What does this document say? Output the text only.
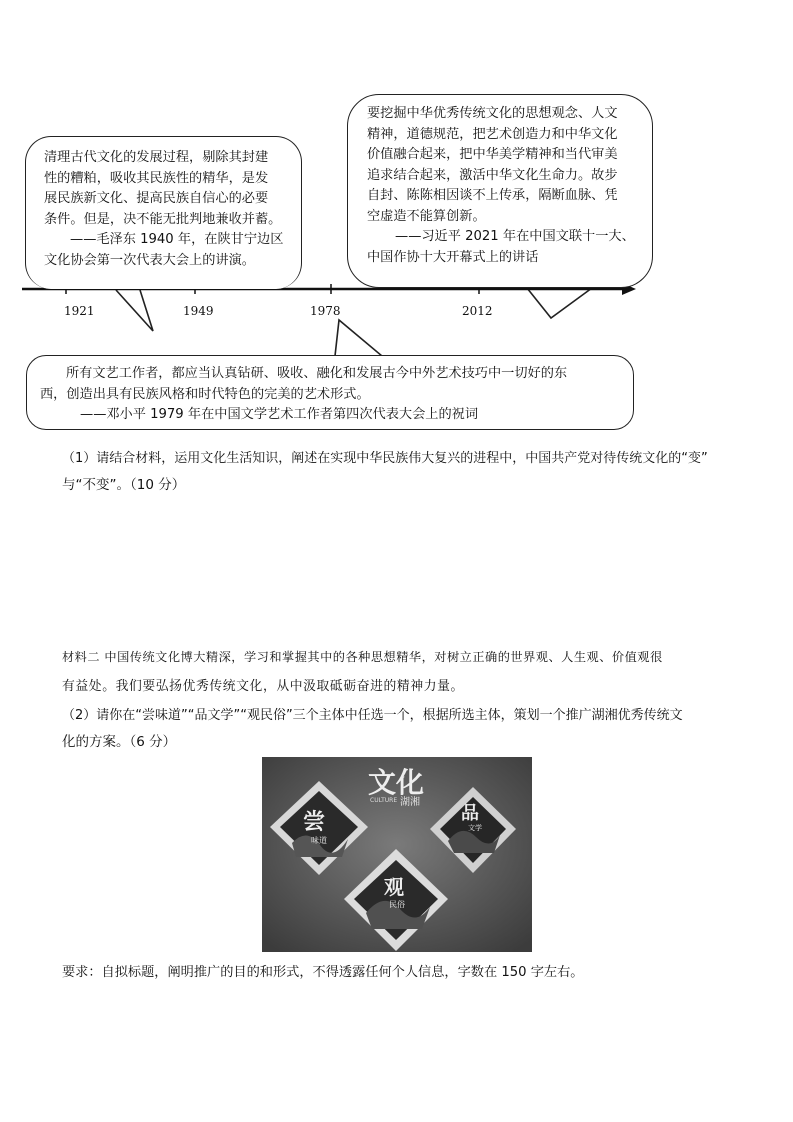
清理古代文化的发展过程，剔除其封建
性的糟粕，吸收其民族性的精华，是发
展民族新文化、提高民族自信心的必要
条件。但是，决不能无批判地兼收并蓄。
——毛泽东 1940 年，在陕甘宁边区
文化协会第一次代表大会上的讲演。
要挖掘中华优秀传统文化的思想观念、人文
精神，道德规范，把艺术创造力和中华文化
价值融合起来，把中华美学精神和当代审美
追求结合起来，激活中华文化生命力。故步
自封、陈陈相因谈不上传承，隔断血脉、凭
空虚造不能算创新。
——习近平 2021 年在中国文联十一大、
中国作协十大开幕式上的讲话
1921	1949	1978	2012
所有文艺工作者，都应当认真钻研、吸收、融化和发展古今中外艺术技巧中一切好的东
西，创造出具有民族风格和时代特色的完美的艺术形式。
——邓小平 1979 年在中国文学艺术工作者第四次代表大会上的祝词
（1）请结合材料，运用文化生活知识，阐述在实现中华民族伟大复兴的进程中，中国共产党对待传统文化的“变”
与“不变”。（10 分）
材料二 中国传统文化博大精深，学习和掌握其中的各种思想精华，对树立正确的世界观、人生观、价值观很
有益处。我们要弘扬优秀传统文化，从中汲取砥砺奋进的精神力量。
（2）请你在“尝味道”“品文学”“观民俗”三个主体中任选一个，根据所选主体，策划一个推广湖湘优秀传统文
化的方案。（6 分）
文化
CULTURE 湖湘
尝
味道
品
文学
观
民俗
要求：自拟标题，阐明推广的目的和形式，不得透露任何个人信息，字数在 150 字左右。
